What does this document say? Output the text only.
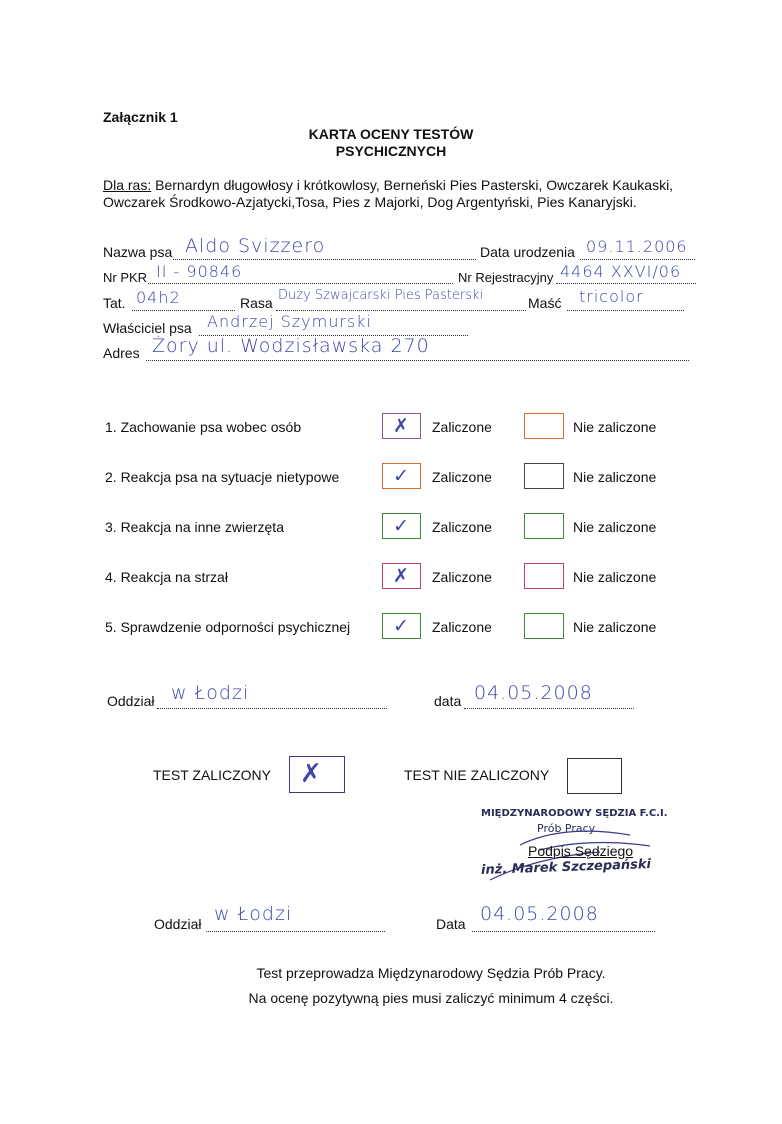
Załącznik 1
KARTA OCENY TESTÓW
PSYCHICZNYCH
Dla ras: Bernardyn długowłosy i krótkowlosy, Berneński Pies Pasterski, Owczarek Kaukaski,
Owczarek Środkowo-Azjatycki,Tosa, Pies z Majorki, Dog Argentyński, Pies Kanaryjski.
Nazwa psa Aldo Svizzero	Data urodzenia 09.11.2006
Nr PKR II - 90846	Nr Rejestracyjny 4464 XXVI/06
Tat. 04h2	Rasa Duży Szwajcarski Pies Pasterski	Maść tricolor
Właściciel psa Andrzej Szymurski
Adres Żory ul. Wodzisławska 270
1. Zachowanie psa wobec osób	✗ Zaliczone	Nie zaliczone
2. Reakcja psa na sytuacje nietypowe	✓ Zaliczone	Nie zaliczone
3. Reakcja na inne zwierzęta	✓ Zaliczone	Nie zaliczone
4. Reakcja na strzał	✗ Zaliczone	Nie zaliczone
5. Sprawdzenie odporności psychicznej ✓ Zaliczone	Nie zaliczone
Oddział w Łodzi	data 04.05.2008
TEST ZALICZONY ✗	TEST NIE ZALICZONY
MIĘDZYNARODOWY SĘDZIA F.C.I.
Prób Pracy
Podpis Sędziego
inż. Marek Szczepański
Oddział w Łodzi	Data 04.05.2008
Test przeprowadza Międzynarodowy Sędzia Prób Pracy.
Na ocenę pozytywną pies musi zaliczyć minimum 4 części.
